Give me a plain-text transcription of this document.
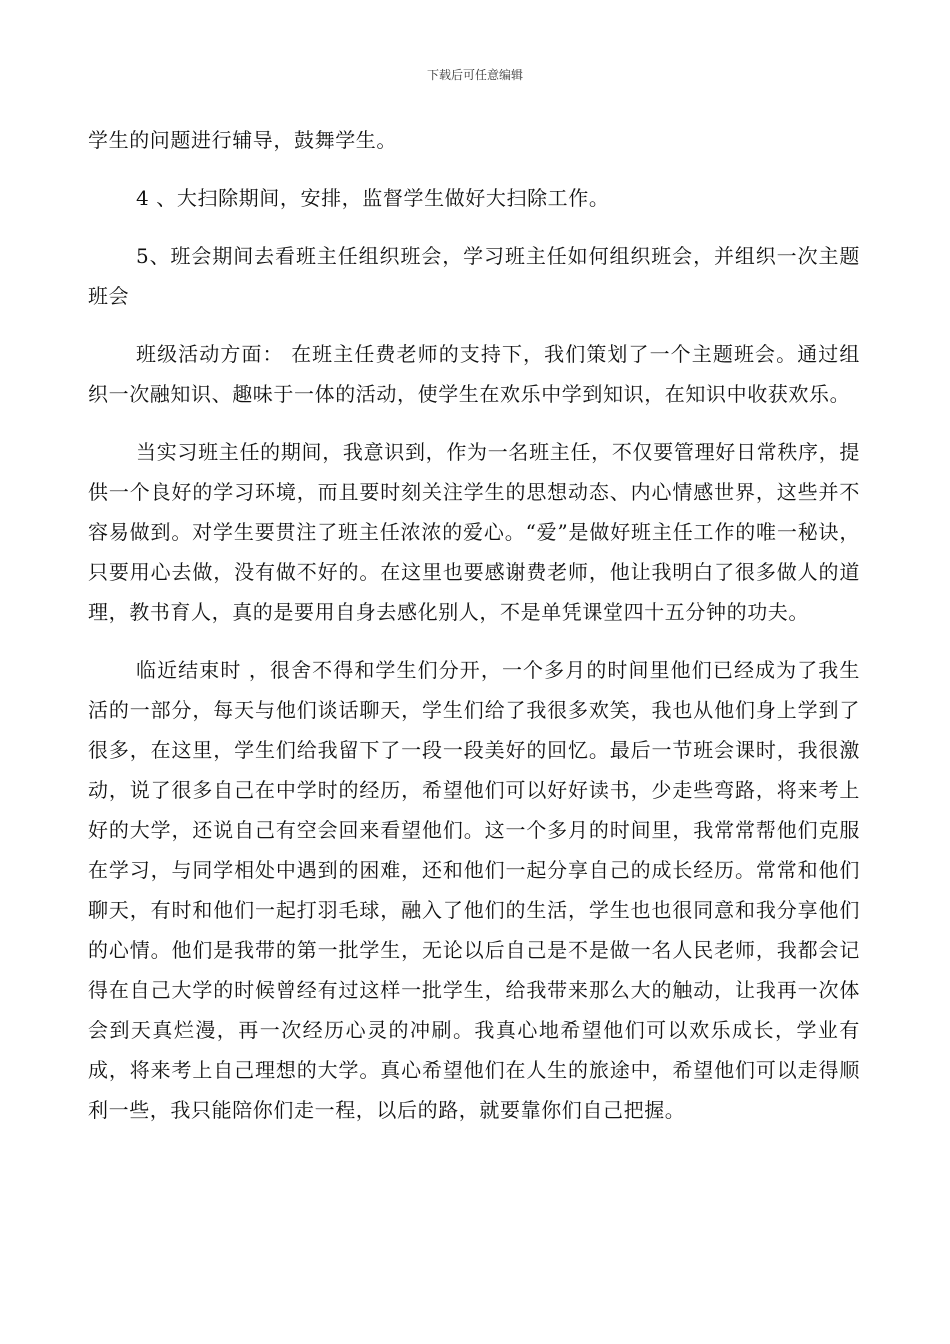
下载后可任意编辑

学生的问题进行辅导，鼓舞学生。

4 、大扫除期间，安排，监督学生做好大扫除工作。

5、班会期间去看班主任组织班会，学习班主任如何组织班会，并组织一次主题班会

班级活动方面： 在班主任费老师的支持下，我们策划了一个主题班会。通过组织一次融知识、趣味于一体的活动，使学生在欢乐中学到知识，在知识中收获欢乐。

当实习班主任的期间，我意识到，作为一名班主任，不仅要管理好日常秩序，提供一个良好的学习环境，而且要时刻关注学生的思想动态、内心情感世界，这些并不容易做到。对学生要贯注了班主任浓浓的爱心。“爱”是做好班主任工作的唯一秘诀，只要用心去做，没有做不好的。在这里也要感谢费老师，他让我明白了很多做人的道理，教书育人，真的是要用自身去感化别人，不是单凭课堂四十五分钟的功夫。

临近结束时 ，很舍不得和学生们分开，一个多月的时间里他们已经成为了我生活的一部分，每天与他们谈话聊天，学生们给了我很多欢笑，我也从他们身上学到了很多，在这里，学生们给我留下了一段一段美好的回忆。最后一节班会课时，我很激动，说了很多自己在中学时的经历，希望他们可以好好读书，少走些弯路，将来考上好的大学，还说自己有空会回来看望他们。这一个多月的时间里，我常常帮他们克服在学习，与同学相处中遇到的困难，还和他们一起分享自己的成长经历。常常和他们聊天，有时和他们一起打羽毛球，融入了他们的生活，学生也也很同意和我分享他们的心情。他们是我带的第一批学生，无论以后自己是不是做一名人民老师，我都会记得在自己大学的时候曾经有过这样一批学生，给我带来那么大的触动，让我再一次体会到天真烂漫，再一次经历心灵的冲刷。我真心地希望他们可以欢乐成长，学业有成，将来考上自己理想的大学。真心希望他们在人生的旅途中，希望他们可以走得顺利一些，我只能陪你们走一程，以后的路，就要靠你们自己把握。
